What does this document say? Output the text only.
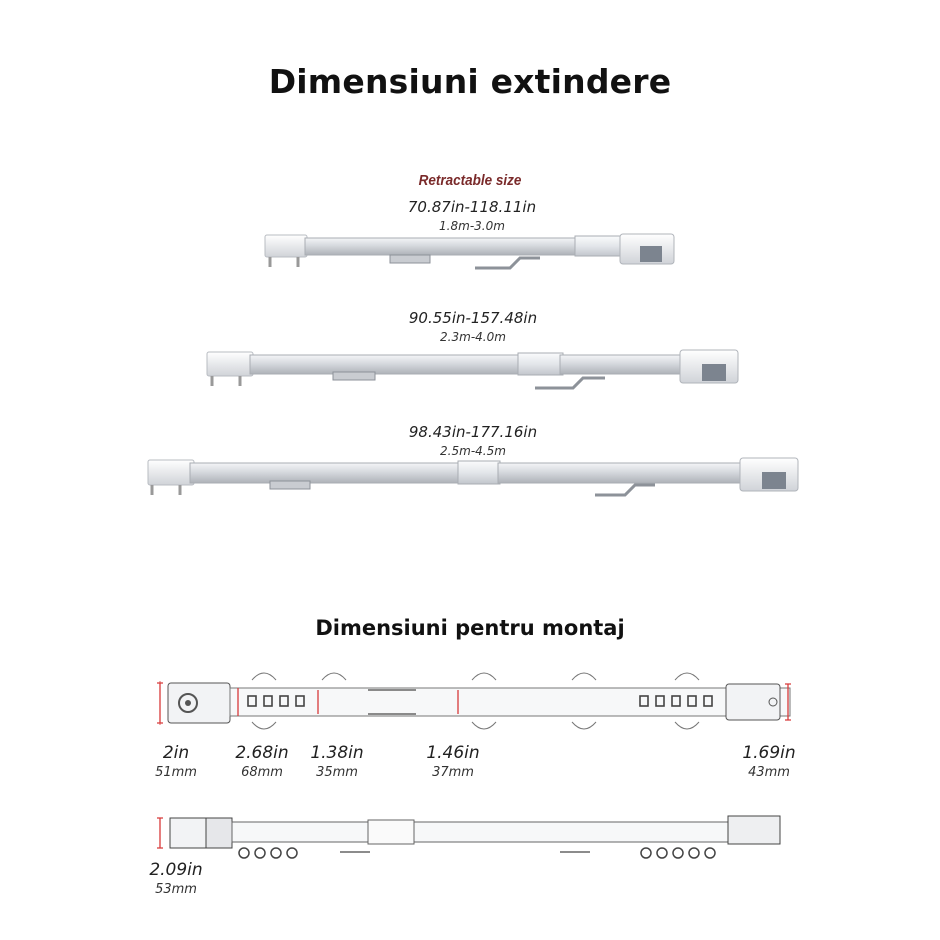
Dimensiuni extindere
Retractable size
70.87in-118.11in
1.8m-3.0m
90.55in-157.48in
2.3m-4.0m
98.43in-177.16in
2.5m-4.5m
Dimensiuni pentru montaj
2in
51mm
2.68in
68mm
1.38in
35mm
1.46in
37mm
1.69in
43mm
2.09in
53mm
